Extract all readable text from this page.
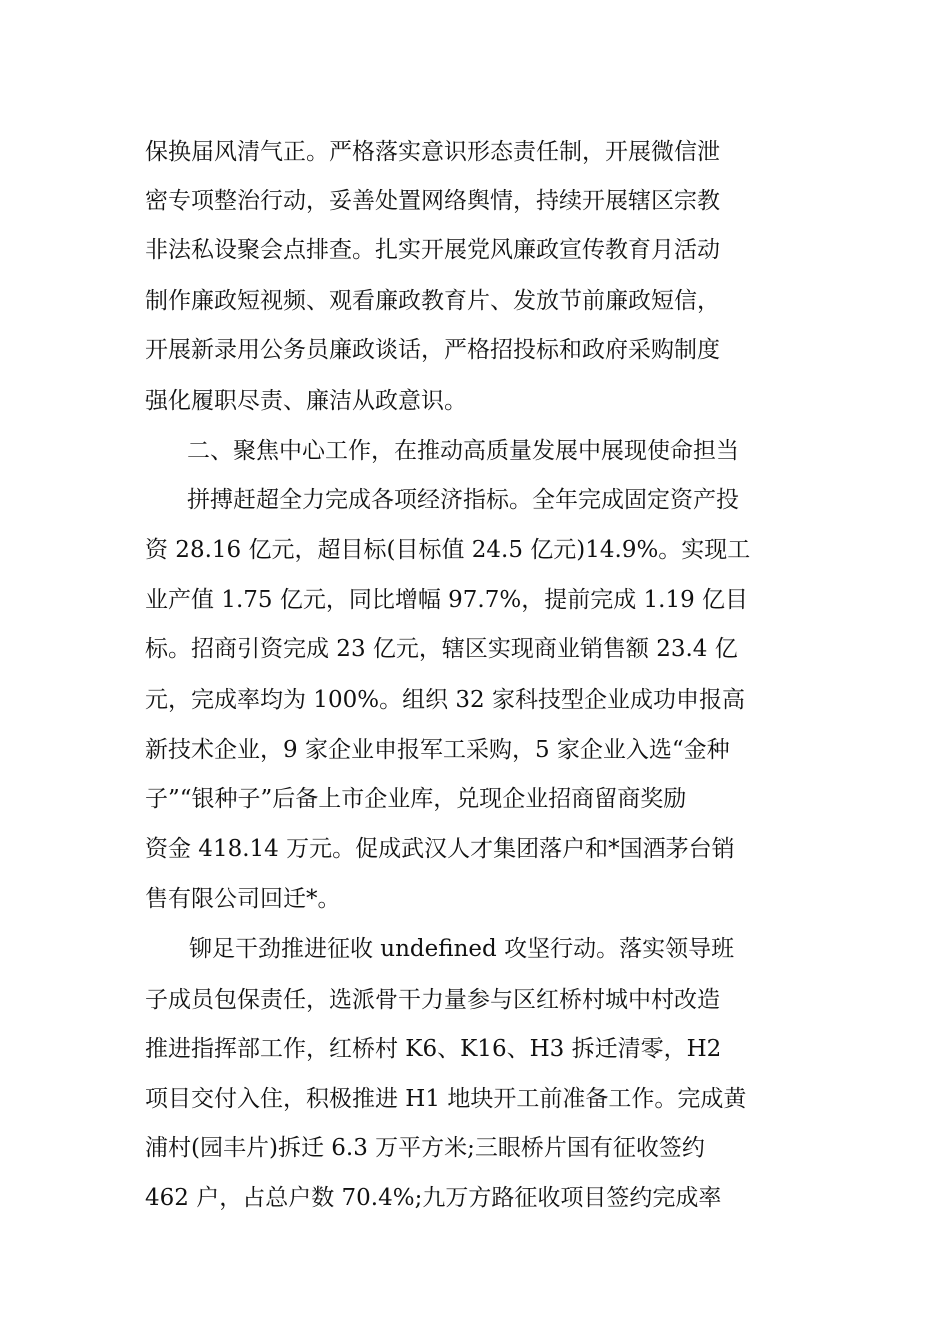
保换届风清气正。严格落实意识形态责任制，开展微信泄
密专项整治行动，妥善处置网络舆情，持续开展辖区宗教
非法私设聚会点排查。扎实开展党风廉政宣传教育月活动
制作廉政短视频、观看廉政教育片、发放节前廉政短信，
开展新录用公务员廉政谈话，严格招投标和政府采购制度
强化履职尽责、廉洁从政意识。
二、聚焦中心工作，在推动高质量发展中展现使命担当
拼搏赶超全力完成各项经济指标。全年完成固定资产投
资 28.16 亿元，超目标(目标值 24.5 亿元)14.9%。实现工
业产值 1.75 亿元，同比增幅 97.7%，提前完成 1.19 亿目
标。招商引资完成 23 亿元，辖区实现商业销售额 23.4 亿
元，完成率均为 100%。组织 32 家科技型企业成功申报高
新技术企业，9 家企业申报军工采购，5 家企业入选“金种
子”“银种子”后备上市企业库，兑现企业招商留商奖励
资金 418.14 万元。促成武汉人才集团落户和*国酒茅台销
售有限公司回迁*。
铆足干劲推进征收 undefined 攻坚行动。落实领导班
子成员包保责任，选派骨干力量参与区红桥村城中村改造
推进指挥部工作，红桥村 K6、K16、H3 拆迁清零，H2
项目交付入住，积极推进 H1 地块开工前准备工作。完成黄
浦村(园丰片)拆迁 6.3 万平方米;三眼桥片国有征收签约
462 户，占总户数 70.4%;九万方路征收项目签约完成率
